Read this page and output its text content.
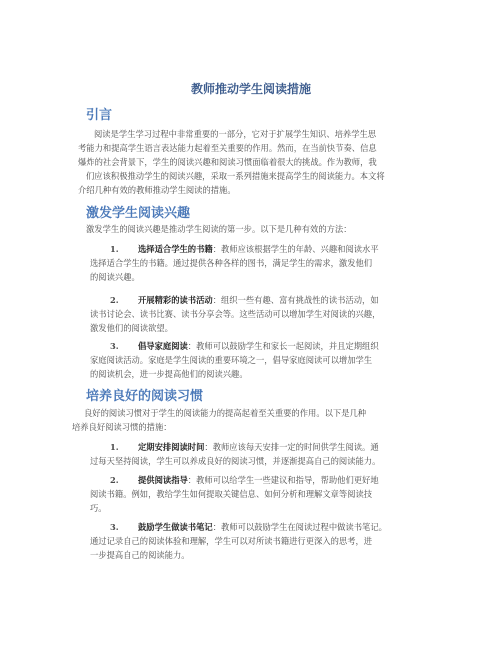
教师推动学生阅读措施
引言

阅读是学生学习过程中非常重要的一部分，它对于扩展学生知识、培养学生思
考能力和提高学生语言表达能力起着至关重要的作用。然而，在当前快节奏、信息
爆炸的社会背景下，学生的阅读兴趣和阅读习惯面临着很大的挑战。作为教师，我
们应该积极推动学生的阅读兴趣，采取一系列措施来提高学生的阅读能力。本文将
介绍几种有效的教师推动学生阅读的措施。

激发学生阅读兴趣

激发学生的阅读兴趣是推动学生阅读的第一步。以下是几种有效的方法：

1. 选择适合学生的书籍：教师应该根据学生的年龄、兴趣和阅读水平
选择适合学生的书籍。通过提供各种各样的图书，满足学生的需求，激发他们
的阅读兴趣。
2. 开展精彩的读书活动：组织一些有趣、富有挑战性的读书活动，如
读书讨论会、读书比赛、读书分享会等。这些活动可以增加学生对阅读的兴趣，
激发他们的阅读欲望。
3. 倡导家庭阅读：教师可以鼓励学生和家长一起阅读，并且定期组织
家庭阅读活动。家庭是学生阅读的重要环境之一，倡导家庭阅读可以增加学生
的阅读机会，进一步提高他们的阅读兴趣。
培养良好的阅读习惯

良好的阅读习惯对于学生的阅读能力的提高起着至关重要的作用。以下是几种
培养良好阅读习惯的措施：

1. 定期安排阅读时间：教师应该每天安排一定的时间供学生阅读。通
过每天坚持阅读，学生可以养成良好的阅读习惯，并逐渐提高自己的阅读能力。
2. 提供阅读指导：教师可以给学生一些建议和指导，帮助他们更好地
阅读书籍。例如，教给学生如何提取关键信息、如何分析和理解文章等阅读技
巧。
3. 鼓励学生做读书笔记：教师可以鼓励学生在阅读过程中做读书笔记。
通过记录自己的阅读体验和理解，学生可以对所读书籍进行更深入的思考，进
一步提高自己的阅读能力。
